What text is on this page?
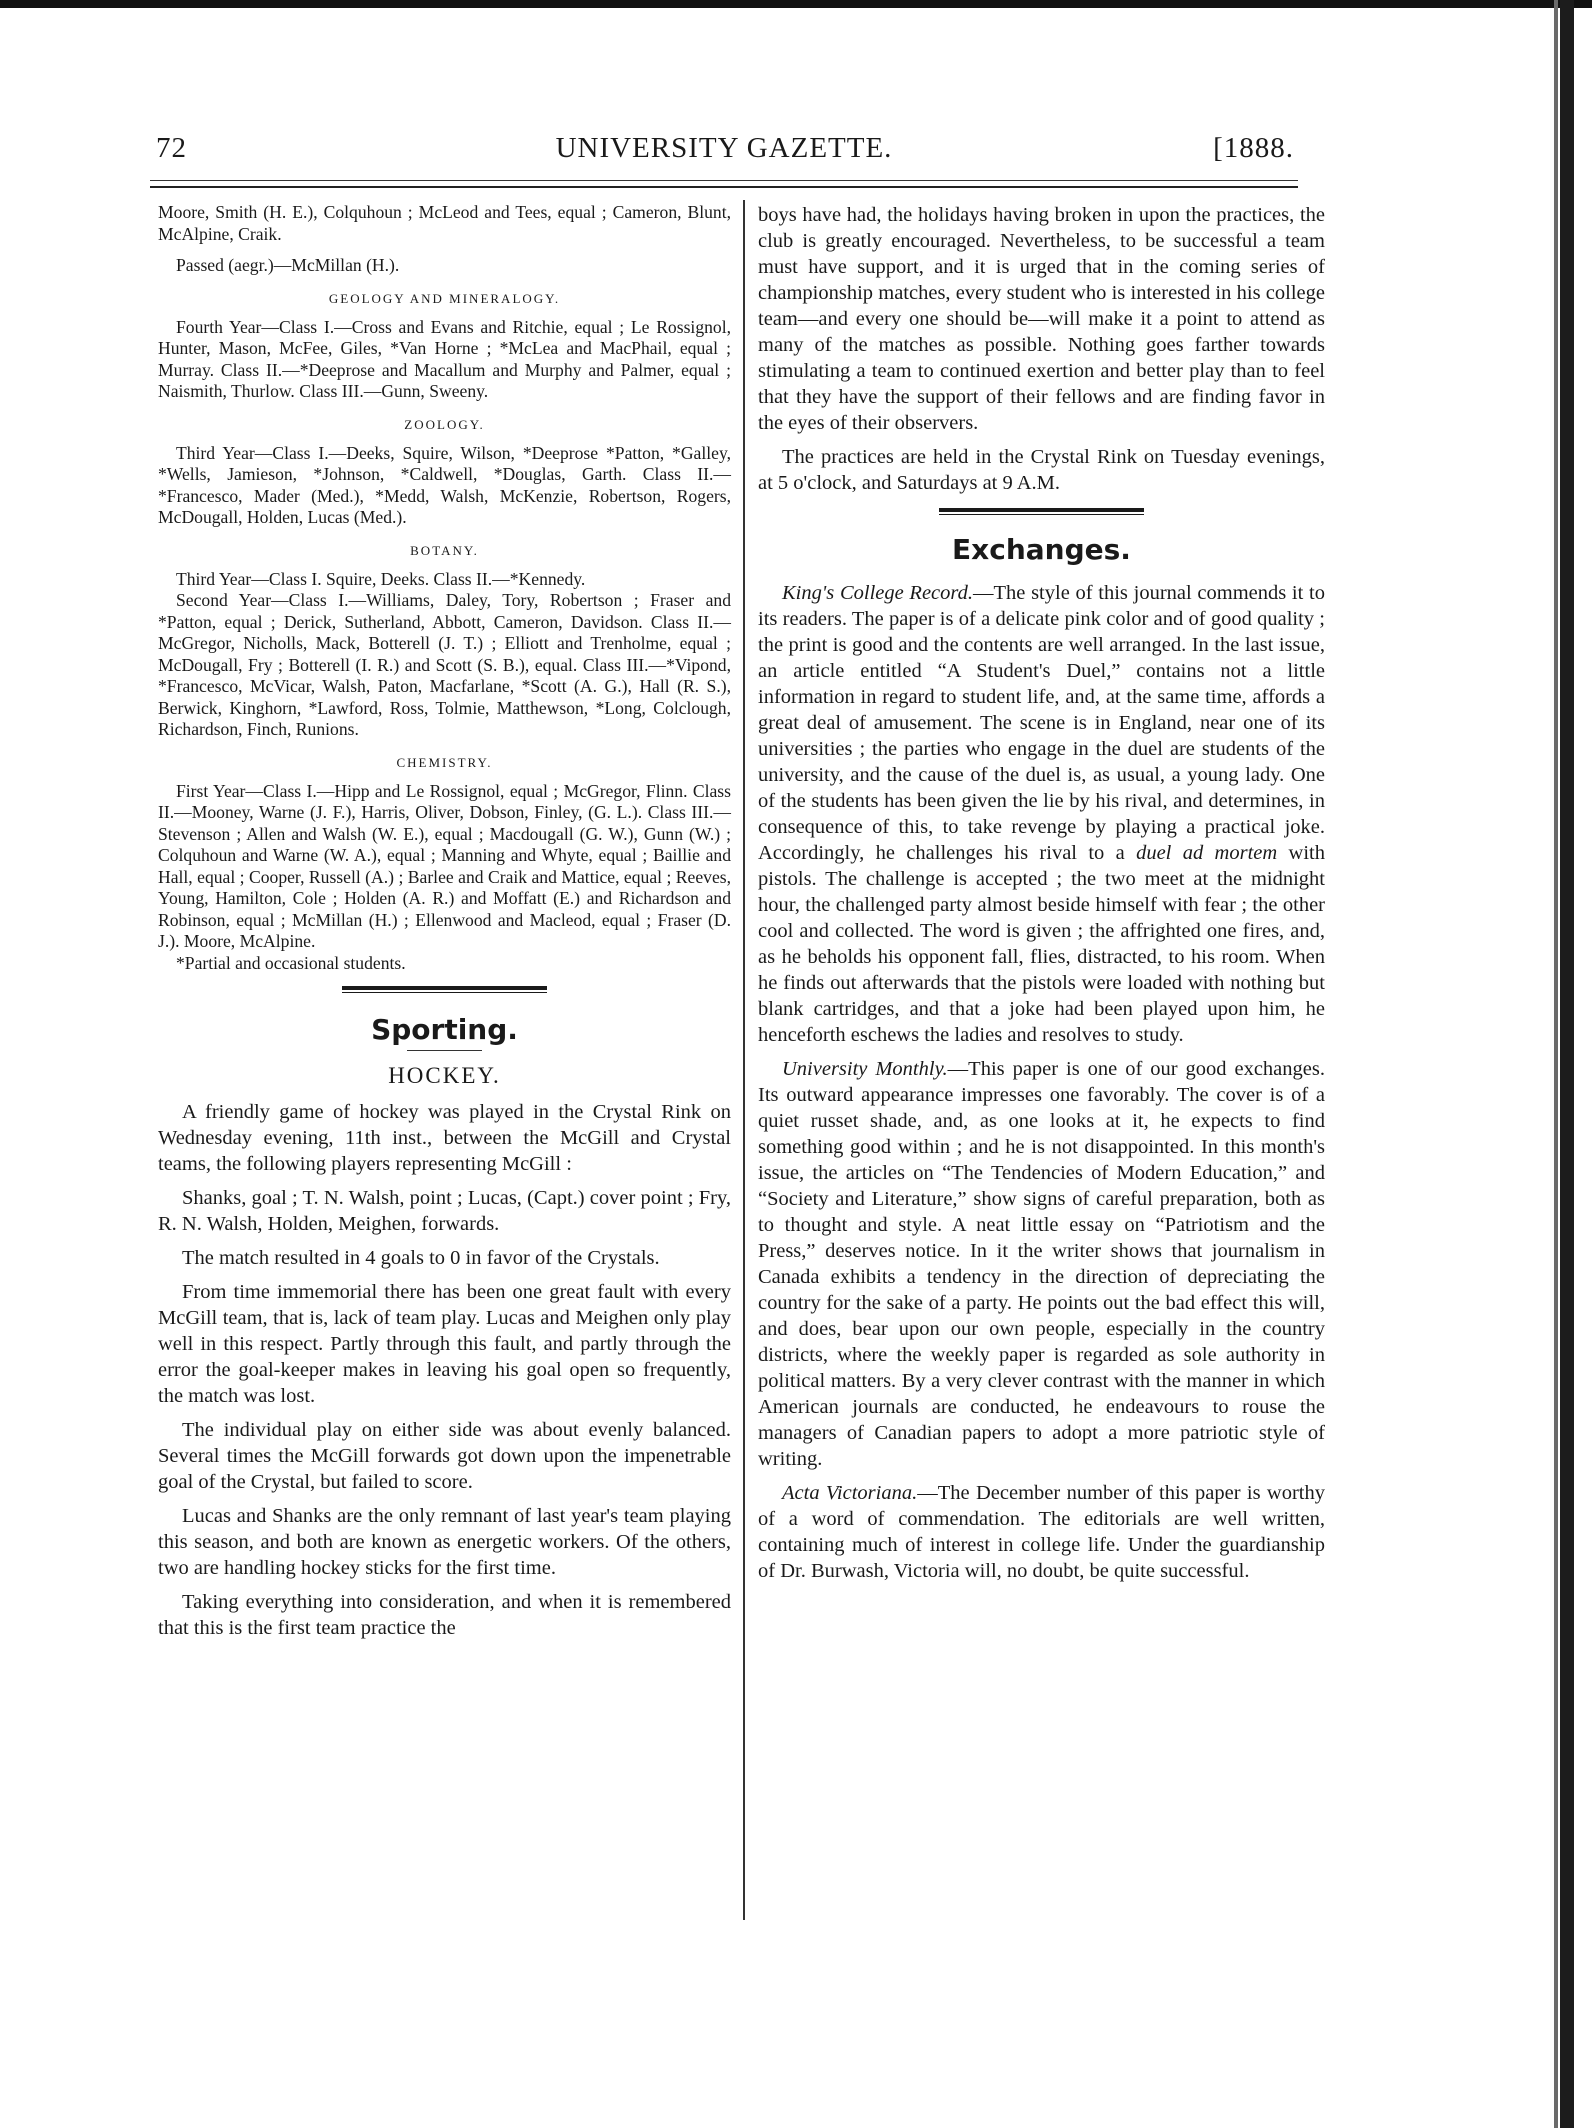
UNIVERSITY GAZETTE.
72	[1888.

Moore, Smith (H. E.), Colquhoun ; McLeod and Tees, equal ; Cameron, Blunt, McAlpine, Craik.

Passed (aegr.)—McMillan (H.).

GEOLOGY AND MINERALOGY.

Fourth Year—Class I.—Cross and Evans and Ritchie, equal ; Le Rossignol, Hunter, Mason, McFee, Giles, *Van Horne ; *McLea and MacPhail, equal ; Murray. Class II.—*Deeprose and Macallum and Murphy and Palmer, equal ; Naismith, Thurlow. Class III.—Gunn, Sweeny.

ZOOLOGY.

Third Year—Class I.—Deeks, Squire, Wilson, *Deeprose *Patton, *Galley, *Wells, Jamieson, *Johnson, *Caldwell, *Douglas, Garth. Class II.—*Francesco, Mader (Med.), *Medd, Walsh, McKenzie, Robertson, Rogers, McDougall, Holden, Lucas (Med.).

BOTANY.

Third Year—Class I. Squire, Deeks. Class II.—*Kennedy.

Second Year—Class I.—Williams, Daley, Tory, Robertson ; Fraser and *Patton, equal ; Derick, Sutherland, Abbott, Cameron, Davidson. Class II.—McGregor, Nicholls, Mack, Botterell (J. T.) ; Elliott and Trenholme, equal ; McDougall, Fry ; Botterell (I. R.) and Scott (S. B.), equal. Class III.—*Vipond, *Francesco, McVicar, Walsh, Paton, Macfarlane, *Scott (A. G.), Hall (R. S.), Berwick, Kinghorn, *Lawford, Ross, Tolmie, Matthewson, *Long, Colclough, Richardson, Finch, Runions.

CHEMISTRY.

First Year—Class I.—Hipp and Le Rossignol, equal ; McGregor, Flinn. Class II.—Mooney, Warne (J. F.), Harris, Oliver, Dobson, Finley, (G. L.). Class III.—Stevenson ; Allen and Walsh (W. E.), equal ; Macdougall (G. W.), Gunn (W.) ; Colquhoun and Warne (W. A.), equal ; Manning and Whyte, equal ; Baillie and Hall, equal ; Cooper, Russell (A.) ; Barlee and Craik and Mattice, equal ; Reeves, Young, Hamilton, Cole ; Holden (A. R.) and Moffatt (E.) and Richardson and Robinson, equal ; McMillan (H.) ; Ellenwood and Macleod, equal ; Fraser (D. J.). Moore, McAlpine.

*Partial and occasional students.

Sporting.
HOCKEY.

A friendly game of hockey was played in the Crystal Rink on Wednesday evening, 11th inst., between the McGill and Crystal teams, the following players representing McGill :

Shanks, goal ; T. N. Walsh, point ; Lucas, (Capt.) cover point ; Fry, R. N. Walsh, Holden, Meighen, forwards.

The match resulted in 4 goals to 0 in favor of the Crystals.

From time immemorial there has been one great fault with every McGill team, that is, lack of team play. Lucas and Meighen only play well in this respect. Partly through this fault, and partly through the error the goal-keeper makes in leaving his goal open so frequently, the match was lost.

The individual play on either side was about evenly balanced. Several times the McGill forwards got down upon the impenetrable goal of the Crystal, but failed to score.

Lucas and Shanks are the only remnant of last year's team playing this season, and both are known as energetic workers. Of the others, two are handling hockey sticks for the first time.

Taking everything into consideration, and when it is remembered that this is the first team practice the

boys have had, the holidays having broken in upon the practices, the club is greatly encouraged. Nevertheless, to be successful a team must have support, and it is urged that in the coming series of championship matches, every student who is interested in his college team—and every one should be—will make it a point to attend as many of the matches as possible. Nothing goes farther towards stimulating a team to continued exertion and better play than to feel that they have the support of their fellows and are finding favor in the eyes of their observers.

The practices are held in the Crystal Rink on Tuesday evenings, at 5 o'clock, and Saturdays at 9 A.M.

Exchanges.

King's College Record.—The style of this journal commends it to its readers. The paper is of a delicate pink color and of good quality ; the print is good and the contents are well arranged. In the last issue, an article entitled “A Student's Duel,” contains not a little information in regard to student life, and, at the same time, affords a great deal of amusement. The scene is in England, near one of its universities ; the parties who engage in the duel are students of the university, and the cause of the duel is, as usual, a young lady. One of the students has been given the lie by his rival, and determines, in consequence of this, to take revenge by playing a practical joke. Accordingly, he challenges his rival to a duel ad mortem with pistols. The challenge is accepted ; the two meet at the midnight hour, the challenged party almost beside himself with fear ; the other cool and collected. The word is given ; the affrighted one fires, and, as he beholds his opponent fall, flies, distracted, to his room. When he finds out afterwards that the pistols were loaded with nothing but blank cartridges, and that a joke had been played upon him, he henceforth eschews the ladies and resolves to study.

University Monthly.—This paper is one of our good exchanges. Its outward appearance impresses one favorably. The cover is of a quiet russet shade, and, as one looks at it, he expects to find something good within ; and he is not disappointed. In this month's issue, the articles on “The Tendencies of Modern Education,” and “Society and Literature,” show signs of careful preparation, both as to thought and style. A neat little essay on “Patriotism and the Press,” deserves notice. In it the writer shows that journalism in Canada exhibits a tendency in the direction of depreciating the country for the sake of a party. He points out the bad effect this will, and does, bear upon our own people, especially in the country districts, where the weekly paper is regarded as sole authority in political matters. By a very clever contrast with the manner in which American journals are conducted, he endeavours to rouse the managers of Canadian papers to adopt a more patriotic style of writing.

Acta Victoriana.—The December number of this paper is worthy of a word of commendation. The editorials are well written, containing much of interest in college life. Under the guardianship of Dr. Burwash, Victoria will, no doubt, be quite successful.
